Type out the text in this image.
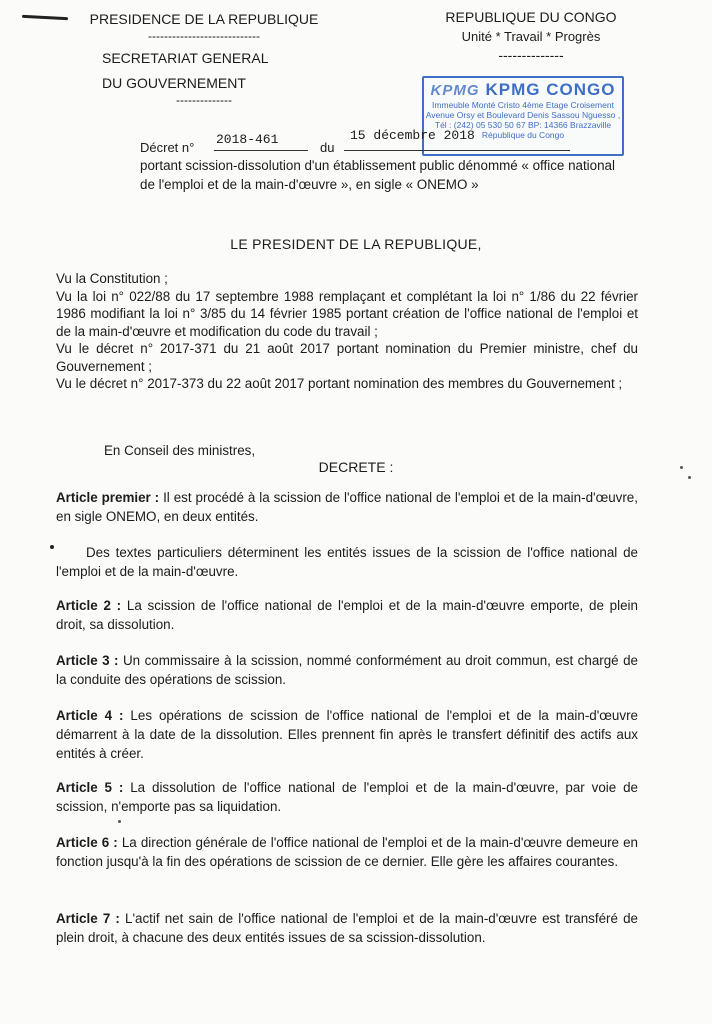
PRESIDENCE DE LA REPUBLIQUE
----------------------------
SECRETARIAT GENERAL
DU GOUVERNEMENT
--------------
REPUBLIQUE DU CONGO
Unité * Travail * Progrès
--------------
KPMG KPMG CONGO
Immeuble Monté Cristo 4ème Etage Croisement
Avenue Orsy et Boulevard Denis Sassou Nguesso ,
Tél : (242) 05 530 50 67 BP: 14366 Brazzaville
République du Congo
Décret n°
2018-461
du
15 décembre 2018
portant scission-dissolution d'un établissement public dénommé « office national de l'emploi et de la main-d'œuvre », en sigle « ONEMO »
LE PRESIDENT DE LA REPUBLIQUE,

Vu la Constitution ;

Vu la loi n° 022/88 du 17 septembre 1988 remplaçant et complétant la loi n° 1/86 du 22 février 1986 modifiant la loi n° 3/85 du 14 février 1985 portant création de l'office national de l'emploi et de la main-d'œuvre et modification du code du travail ;

Vu le décret n° 2017-371 du 21 août 2017 portant nomination du Premier ministre, chef du Gouvernement ;

Vu le décret n° 2017-373 du 22 août 2017 portant nomination des membres du Gouvernement ;

En Conseil des ministres,
DECRETE :
Article premier : Il est procédé à la scission de l'office national de l'emploi et de la main-d'œuvre, en sigle ONEMO, en deux entités.
Des textes particuliers déterminent les entités issues de la scission de l'office national de l'emploi et de la main-d'œuvre.
Article 2 : La scission de l'office national de l'emploi et de la main-d'œuvre emporte, de plein droit, sa dissolution.
Article 3 : Un commissaire à la scission, nommé conformément au droit commun, est chargé de la conduite des opérations de scission.
Article 4 : Les opérations de scission de l'office national de l'emploi et de la main-d'œuvre démarrent à la date de la dissolution. Elles prennent fin après le transfert définitif des actifs aux entités à créer.
Article 5 : La dissolution de l'office national de l'emploi et de la main-d'œuvre, par voie de scission, n'emporte pas sa liquidation.
Article 6 : La direction générale de l'office national de l'emploi et de la main-d'œuvre demeure en fonction jusqu'à la fin des opérations de scission de ce dernier. Elle gère les affaires courantes.
Article 7 : L'actif net sain de l'office national de l'emploi et de la main-d'œuvre est transféré de plein droit, à chacune des deux entités issues de sa scission-dissolution.
